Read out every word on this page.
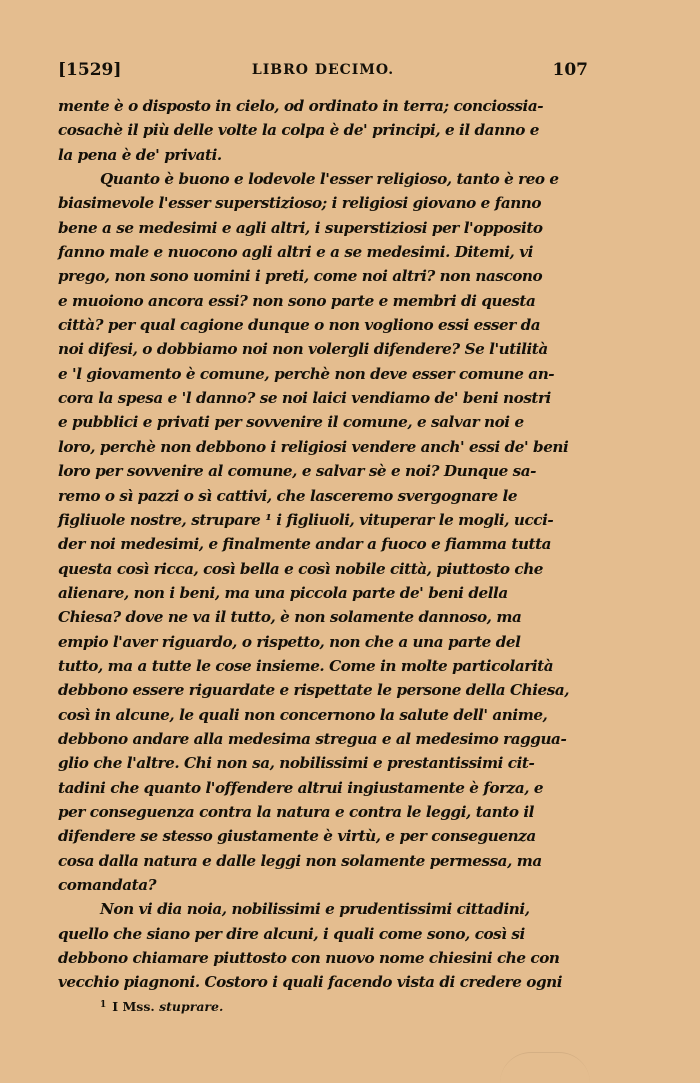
[1529]	LIBRO DECIMO.	107
mente è o disposto in cielo, od ordinato in terra; conciossia-
cosachè il più delle volte la colpa è de' principi, e il danno e
la pena è de' privati.
Quanto è buono e lodevole l'esser religioso, tanto è reo e
biasimevole l'esser superstizioso; i religiosi giovano e fanno
bene a se medesimi e agli altri, i superstiziosi per l'opposito
fanno male e nuocono agli altri e a se medesimi. Ditemi, vi
prego, non sono uomini i preti, come noi altri? non nascono
e muoiono ancora essi? non sono parte e membri di questa
città? per qual cagione dunque o non vogliono essi esser da
noi difesi, o dobbiamo noi non volergli difendere? Se l'utilità
e 'l giovamento è comune, perchè non deve esser comune an-
cora la spesa e 'l danno? se noi laici vendiamo de' beni nostri
e pubblici e privati per sovvenire il comune, e salvar noi e
loro, perchè non debbono i religiosi vendere anch' essi de' beni
loro per sovvenire al comune, e salvar sè e noi? Dunque sa-
remo o sì pazzi o sì cattivi, che lasceremo svergognare le
figliuole nostre, strupare ¹ i figliuoli, vituperar le mogli, ucci-
der noi medesimi, e finalmente andar a fuoco e fiamma tutta
questa così ricca, così bella e così nobile città, piuttosto che
alienare, non i beni, ma una piccola parte de' beni della
Chiesa? dove ne va il tutto, è non solamente dannoso, ma
empio l'aver riguardo, o rispetto, non che a una parte del
tutto, ma a tutte le cose insieme. Come in molte particolarità
debbono essere riguardate e rispettate le persone della Chiesa,
così in alcune, le quali non concernono la salute dell' anime,
debbono andare alla medesima stregua e al medesimo ragguа-
glio che l'altre. Chi non sa, nobilissimi e prestantissimi cit-
tadini che quanto l'offendere altrui ingiustamente è forza, e
per conseguenza contra la natura e contra le leggi, tanto il
difendere se stesso giustamente è virtù, e per conseguenza
cosa dalla natura e dalle leggi non solamente permessa, ma
comandata?
Non vi dia noia, nobilissimi e prudentissimi cittadini,
quello che siano per dire alcuni, i quali come sono, così si
debbono chiamare piuttosto con nuovo nome chiesini che con
vecchio piagnoni. Costoro i quali facendo vista di credere ogni
$^1$ I Mss. stuprare.
